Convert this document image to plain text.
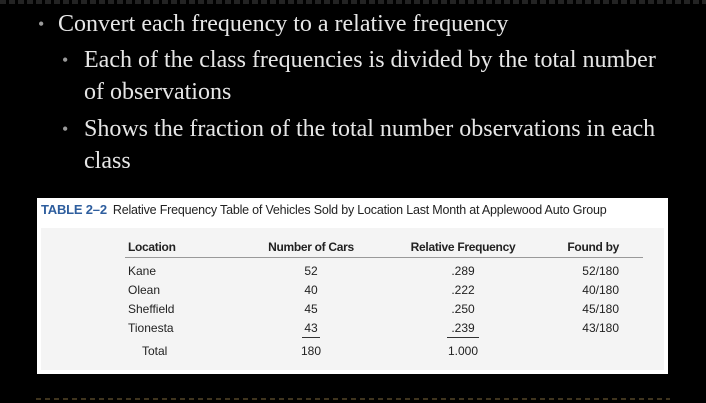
• Convert each frequency to a relative frequency
• Each of the class frequencies is divided by the total number of observations
• Shows the fraction of the total number observations in each class
TABLE 2–2 Relative Frequency Table of Vehicles Sold by Location Last Month at Applewood Auto Group
Location	Number of Cars	Relative Frequency	Found by
Kane	52	.289	52/180
Olean	40	.222	40/180
Sheffield	45	.250	45/180
Tionesta	43	.239	43/180
Total	180	1.000
